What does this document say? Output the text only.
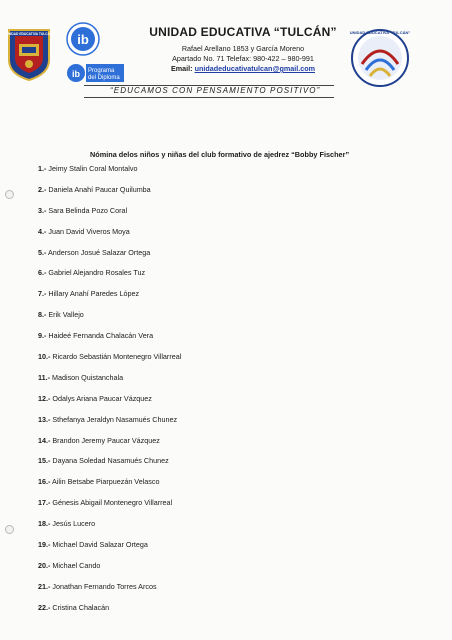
UNIDAD EDUCATIVA TULCÁN ib
ib Programa
del Diploma
UNIDAD EDUCATIVA “TULCÁN”
Rafael Arellano 1853 y García Moreno
Apartado No. 71 Telefax: 980-422 – 980-991
Email: unidadeducativatulcan@gmail.com
UNIDAD EDUCATIVA "TULCÁN"
“EDUCAMOS CON PENSAMIENTO POSITIVO”
Nómina delos niños y niñas del club formativo de ajedrez “Bobby Fischer”
1.- Jeimy Stalin Coral Montalvo
2.- Daniela Anahí Paucar Quilumba
3.- Sara Belinda Pozo Coral
4.- Juan David Viveros Moya
5.- Anderson Josué Salazar Ortega
6.- Gabriel Alejandro Rosales Tuz
7.- Hillary Anahí Paredes López
8.- Erik Vallejo
9.- Haideé Fernanda Chalacán Vera
10.- Ricardo Sebastián Montenegro Villarreal
11.- Madison Quistanchala
12.- Odalys Ariana Paucar Vázquez
13.- Sthefanya Jeraldyn Nasamués Chunez
14.- Brandon Jeremy Paucar Vázquez
15.- Dayana Soledad Nasamués Chunez
16.- Ailin Betsabe Piarpuezán Velasco
17.- Génesis Abigail Montenegro Villarreal
18.- Jesús Lucero
19.- Michael David Salazar Ortega
20.- Michael Cando
21.- Jonathan Fernando Torres Arcos
22.- Cristina Chalacán
